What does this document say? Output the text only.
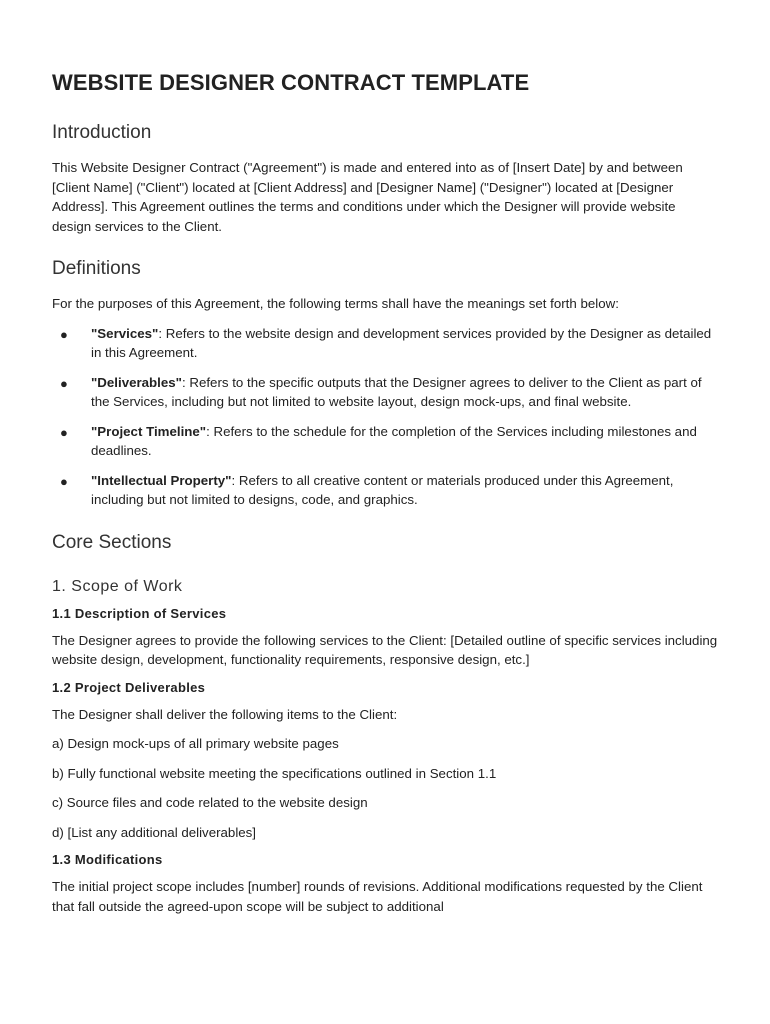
WEBSITE DESIGNER CONTRACT TEMPLATE
Introduction

This Website Designer Contract ("Agreement") is made and entered into as of [Insert Date] by and between [Client Name] ("Client") located at [Client Address] and [Designer Name] ("Designer") located at [Designer Address]. This Agreement outlines the terms and conditions under which the Designer will provide website design services to the Client.

Definitions

For the purposes of this Agreement, the following terms shall have the meanings set forth below:

● "Services": Refers to the website design and development services provided by the Designer as detailed in this Agreement.
● "Deliverables": Refers to the specific outputs that the Designer agrees to deliver to the Client as part of the Services, including but not limited to website layout, design mock-ups, and final website.
● "Project Timeline": Refers to the schedule for the completion of the Services including milestones and deadlines.
● "Intellectual Property": Refers to all creative content or materials produced under this Agreement, including but not limited to designs, code, and graphics.
Core Sections
1. Scope of Work
1.1 Description of Services

The Designer agrees to provide the following services to the Client: [Detailed outline of specific services including website design, development, functionality requirements, responsive design, etc.]

1.2 Project Deliverables

The Designer shall deliver the following items to the Client:

a) Design mock-ups of all primary website pages

b) Fully functional website meeting the specifications outlined in Section 1.1

c) Source files and code related to the website design

d) [List any additional deliverables]

1.3 Modifications

The initial project scope includes [number] rounds of revisions. Additional modifications requested by the Client that fall outside the agreed-upon scope will be subject to additional
